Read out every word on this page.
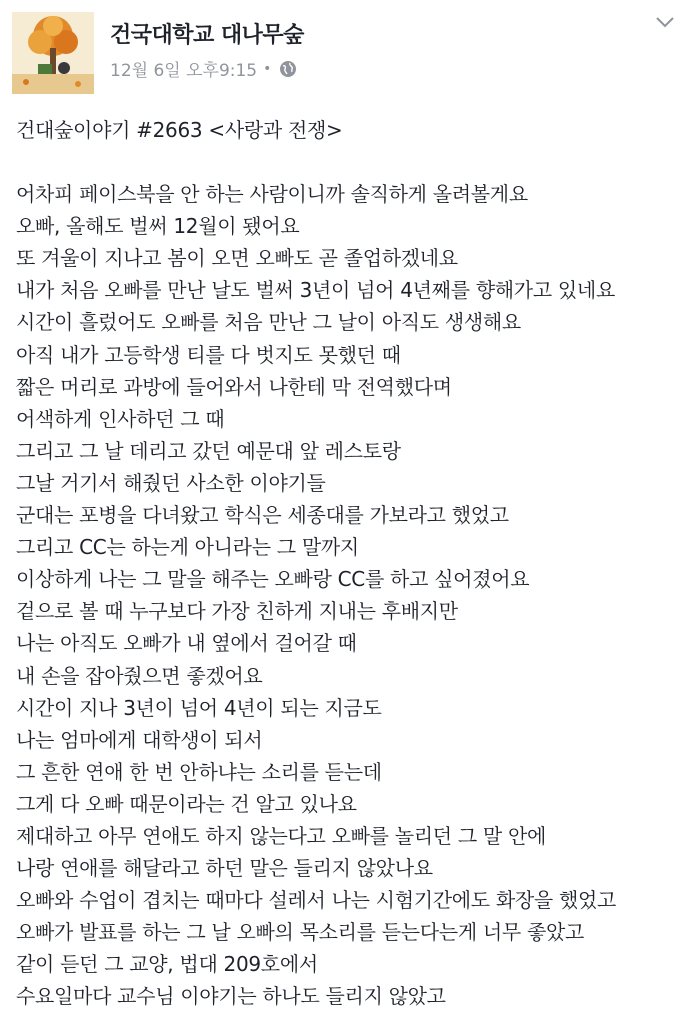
건국대학교 대나무숲
12월 6일 오후9:15 •
건대숲이야기 #2663 <사랑과 전쟁>
어차피 페이스북을 안 하는 사람이니까 솔직하게 올려볼게요
오빠, 올해도 벌써 12월이 됐어요
또 겨울이 지나고 봄이 오면 오빠도 곧 졸업하겠네요
내가 처음 오빠를 만난 날도 벌써 3년이 넘어 4년째를 향해가고 있네요
시간이 흘렀어도 오빠를 처음 만난 그 날이 아직도 생생해요
아직 내가 고등학생 티를 다 벗지도 못했던 때
짧은 머리로 과방에 들어와서 나한테 막 전역했다며
어색하게 인사하던 그 때
그리고 그 날 데리고 갔던 예문대 앞 레스토랑
그날 거기서 해줬던 사소한 이야기들
군대는 포병을 다녀왔고 학식은 세종대를 가보라고 했었고
그리고 CC는 하는게 아니라는 그 말까지
이상하게 나는 그 말을 해주는 오빠랑 CC를 하고 싶어졌어요
겉으로 볼 때 누구보다 가장 친하게 지내는 후배지만
나는 아직도 오빠가 내 옆에서 걸어갈 때
내 손을 잡아줬으면 좋겠어요
시간이 지나 3년이 넘어 4년이 되는 지금도
나는 엄마에게 대학생이 되서
그 흔한 연애 한 번 안하냐는 소리를 듣는데
그게 다 오빠 때문이라는 건 알고 있나요
제대하고 아무 연애도 하지 않는다고 오빠를 놀리던 그 말 안에
나랑 연애를 해달라고 하던 말은 들리지 않았나요
오빠와 수업이 겹치는 때마다 설레서 나는 시험기간에도 화장을 했었고
오빠가 발표를 하는 그 날 오빠의 목소리를 듣는다는게 너무 좋았고
같이 듣던 그 교양, 법대 209호에서
수요일마다 교수님 이야기는 하나도 들리지 않았고
